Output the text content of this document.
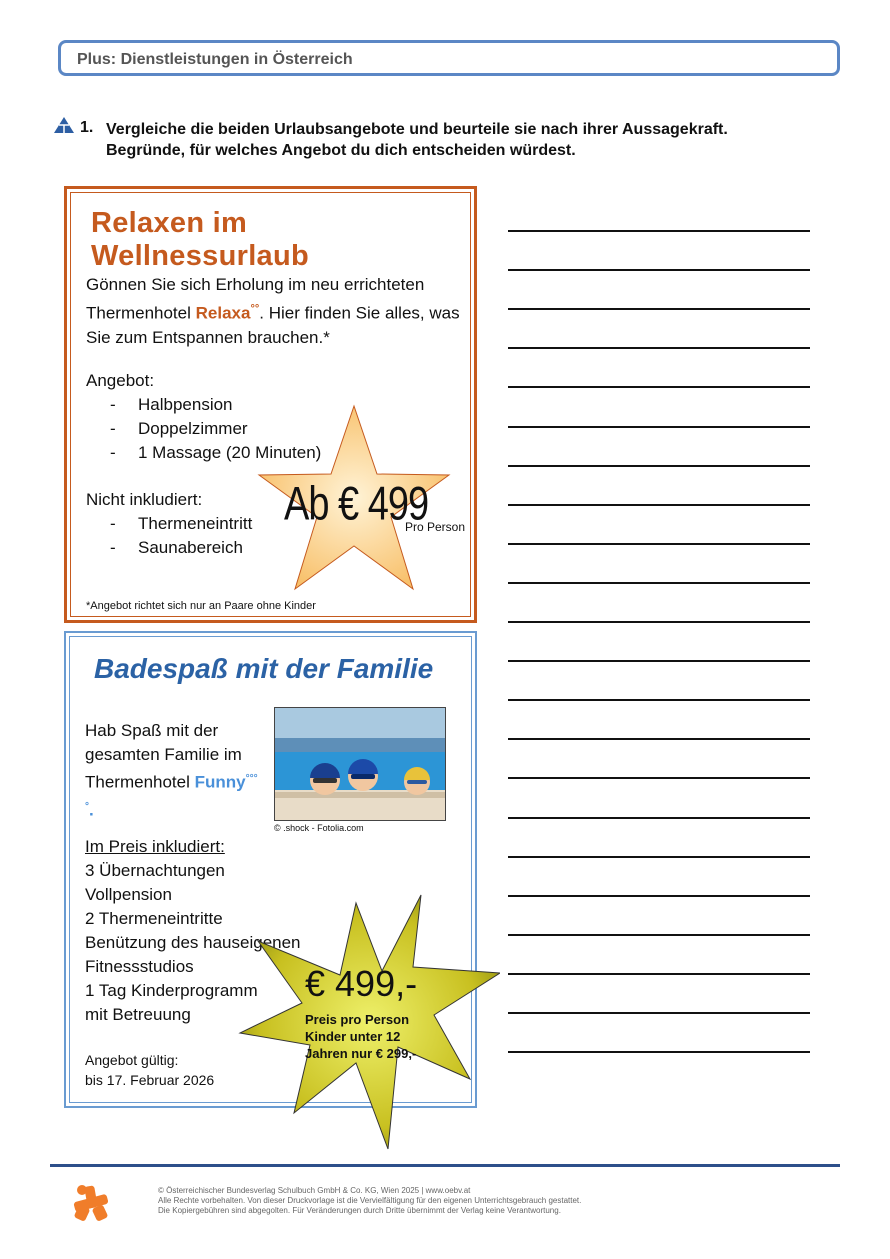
Plus: Dienstleistungen in Österreich
1. Vergleiche die beiden Urlaubsangebote und beurteile sie nach ihrer Aussagekraft.
Begründe, für welches Angebot du dich entscheiden würdest.
Relaxen im Wellnessurlaub
Gönnen Sie sich Erholung im neu errichteten Thermenhotel Relaxa°°. Hier finden Sie alles, was Sie zum Entspannen brauchen.*
Angebot:
- Halbpension
- Doppelzimmer
- 1 Massage (20 Minuten)
Nicht inkludiert:
- Thermeneintritt
- Saunabereich
*Angebot richtet sich nur an Paare ohne Kinder
Ab € 499
Pro Person
Badespaß mit der Familie
Hab Spaß mit der gesamten Familie im Thermenhotel Funny°°°°.
© .shock - Fotolia.com
Im Preis inkludiert:
3 Übernachtungen
Vollpension
2 Thermeneintritte
Benützung des hauseigenen
Fitnessstudios
1 Tag Kinderprogramm
mit Betreuung
Angebot gültig:
bis 17. Februar 2026
€ 499,-
Preis pro Person
Kinder unter 12
Jahren nur € 299,-
© Österreichischer Bundesverlag Schulbuch GmbH & Co. KG, Wien 2025 | www.oebv.at
Alle Rechte vorbehalten. Von dieser Druckvorlage ist die Vervielfältigung für den eigenen Unterrichtsgebrauch gestattet.
Die Kopiergebühren sind abgegolten. Für Veränderungen durch Dritte übernimmt der Verlag keine Verantwortung.
